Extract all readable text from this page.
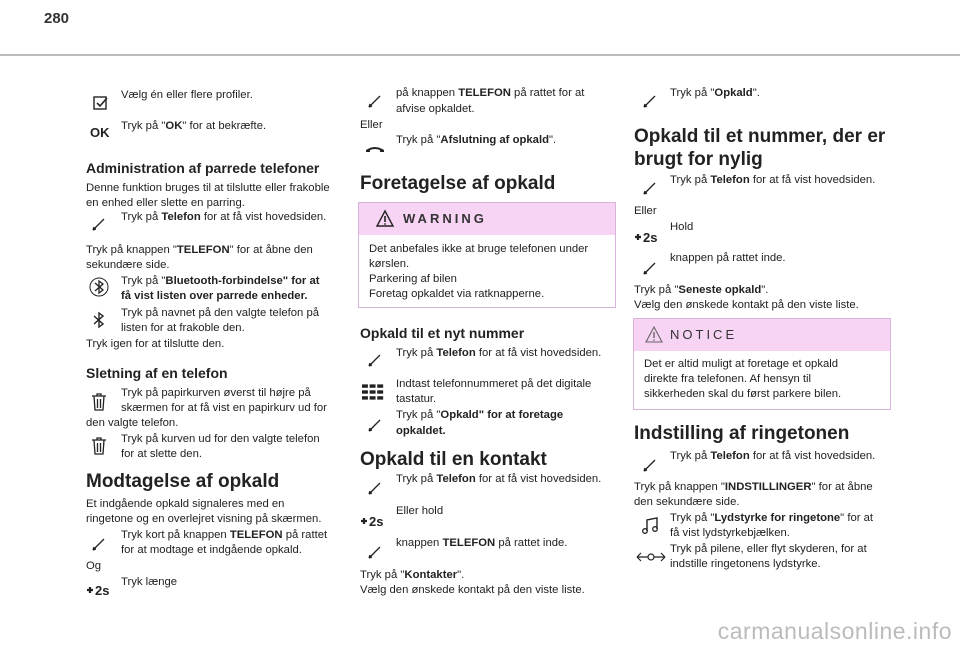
280
Vælg én eller flere profiler.
OK Tryk på "OK" for at bekræfte.
Administration af parrede telefoner
Denne funktion bruges til at tilslutte eller frakoble
en enhed eller slette en parring.
Tryk på Telefon for at få vist hovedsiden.
Tryk på knappen "TELEFON" for at åbne den
sekundære side.
Tryk på "Bluetooth-forbindelse" for at
få vist listen over parrede enheder.
Tryk på navnet på den valgte telefon på
listen for at frakoble den.
Tryk igen for at tilslutte den.
Sletning af en telefon
Tryk på papirkurven øverst til højre på
skærmen for at få vist en papirkurv ud for
den valgte telefon.
Tryk på kurven ud for den valgte telefon
for at slette den.
Modtagelse af opkald
Et indgående opkald signaleres med en
ringetone og en overlejret visning på skærmen.
Tryk kort på knappen TELEFON på rattet
for at modtage et indgående opkald.
Og
2s
Tryk længe
på knappen TELEFON på rattet for at
afvise opkaldet.
Eller
Tryk på "Afslutning af opkald".
Foretagelse af opkald
WARNING
Det anbefales ikke at bruge telefonen under
kørslen.
Parkering af bilen
Foretag opkaldet via ratknapperne.
Opkald til et nyt nummer
Tryk på Telefon for at få vist hovedsiden.
Indtast telefonnummeret på det digitale
tastatur.
Tryk på "Opkald" for at foretage
opkaldet.
Opkald til en kontakt
Tryk på Telefon for at få vist hovedsiden.
2s
Eller hold
knappen TELEFON på rattet inde.
Tryk på "Kontakter".
Vælg den ønskede kontakt på den viste liste.
Tryk på "Opkald".
Opkald til et nummer, der er
brugt for nylig
Tryk på Telefon for at få vist hovedsiden.
Eller
2s
Hold
knappen på rattet inde.
Tryk på "Seneste opkald".
Vælg den ønskede kontakt på den viste liste.
NOTICE
Det er altid muligt at foretage et opkald
direkte fra telefonen. Af hensyn til
sikkerheden skal du først parkere bilen.
Indstilling af ringetonen
Tryk på Telefon for at få vist hovedsiden.
Tryk på knappen "INDSTILLINGER" for at åbne
den sekundære side.
Tryk på "Lydstyrke for ringetone" for at
få vist lydstyrkebjælken.
Tryk på pilene, eller flyt skyderen, for at
indstille ringetonens lydstyrke.
carmanualsonline.info
